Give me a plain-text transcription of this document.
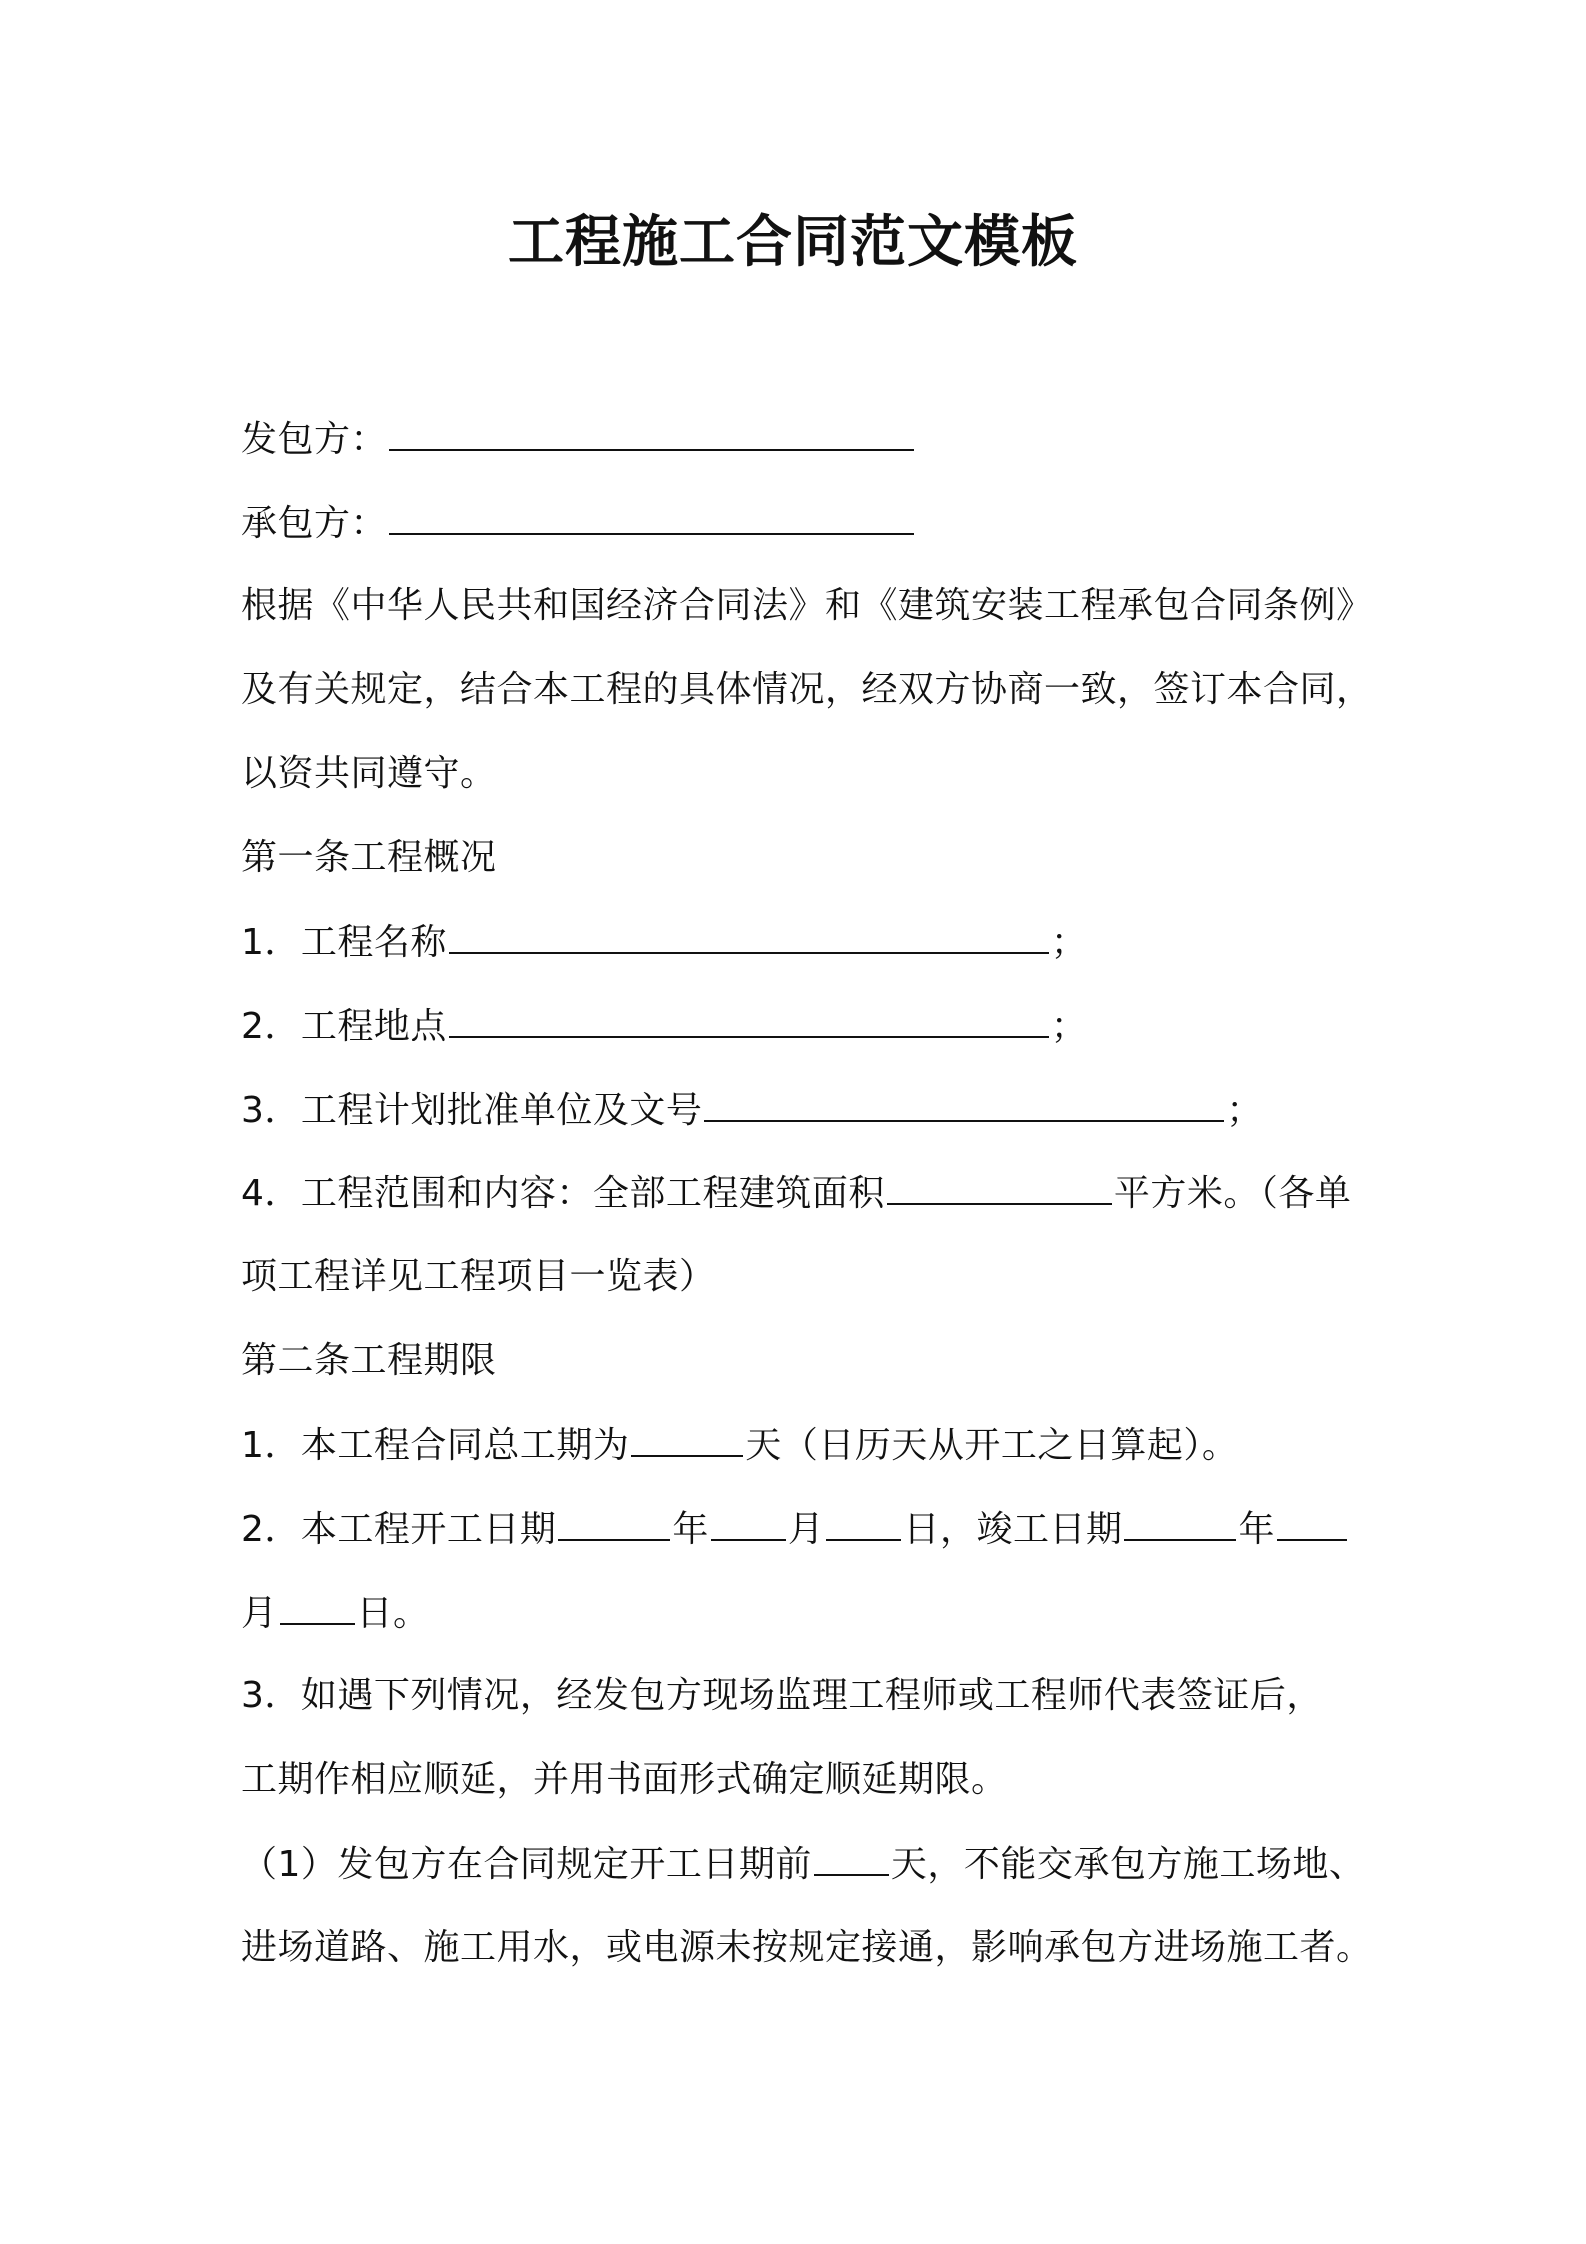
工程施工合同范文模板
发包方：
承包方：
根据《中华人民共和国经济合同法》和《建筑安装工程承包合同条例》
及有关规定，结合本工程的具体情况，经双方协商一致，签订本合同，
以资共同遵守。
第一条工程概况
1．工程名称	；
2．工程地点	；
3．工程计划批准单位及文号	；
4．工程范围和内容：全部工程建筑面积	平方米。（各单
项工程详见工程项目一览表）
第二条工程期限
1．本工程合同总工期为	天（日历天从开工之日算起）。
2．本工程开工日期	年 月 日，竣工日期	年
月 日。
3．如遇下列情况，经发包方现场监理工程师或工程师代表签证后，
工期作相应顺延，并用书面形式确定顺延期限。
（1）发包方在合同规定开工日期前 天，不能交承包方施工场地、
进场道路、施工用水，或电源未按规定接通，影响承包方进场施工者。
